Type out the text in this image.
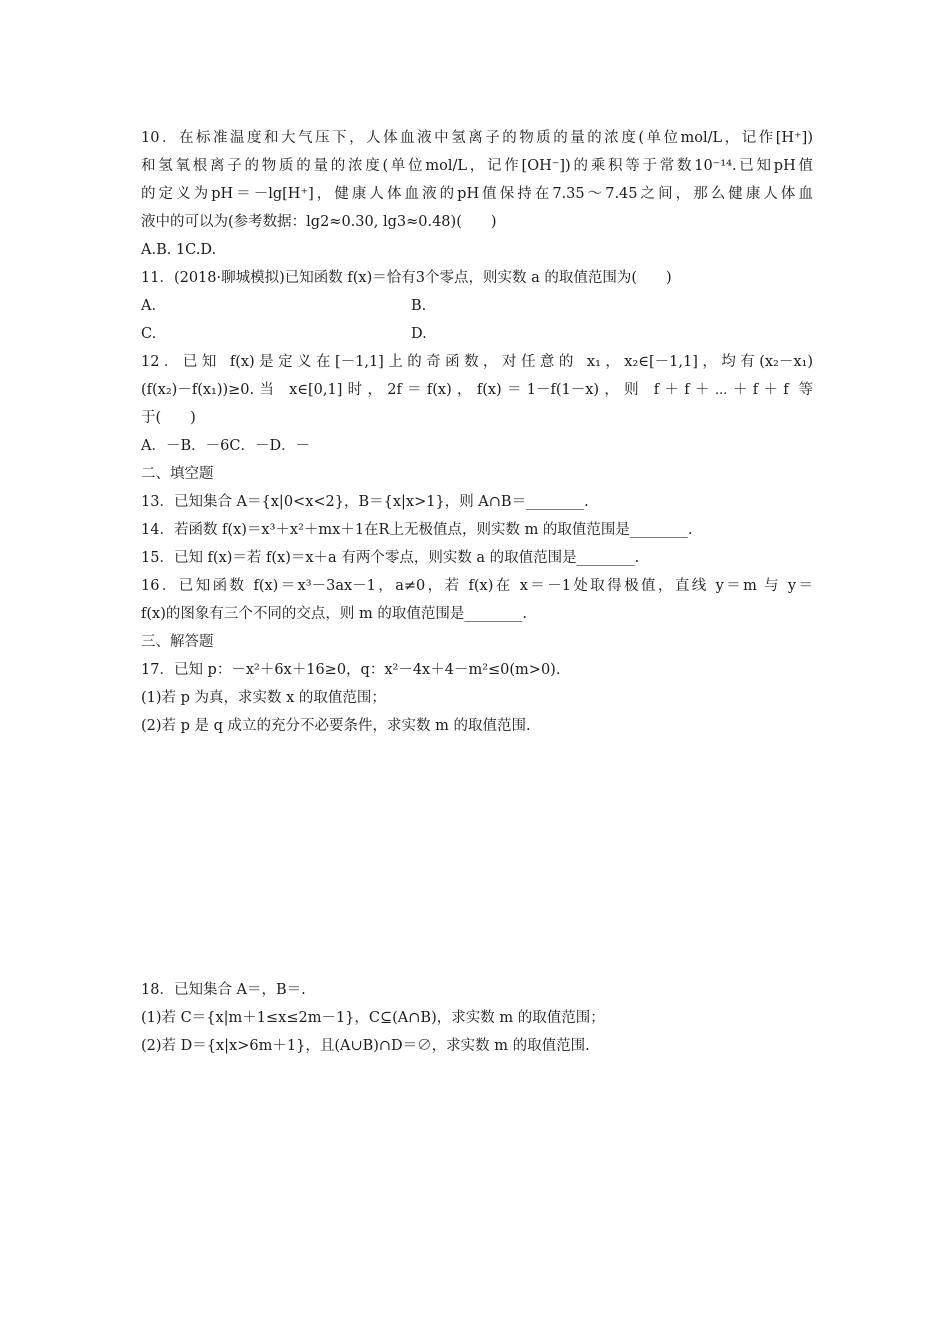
10．在标准温度和大气压下，人体血液中氢离子的物质的量的浓度(单位mol/L，记作[H⁺])
和氢氧根离子的物质的量的浓度(单位mol/L，记作[OH⁻])的乘积等于常数10⁻¹⁴.已知pH值
的定义为pH＝－lg[H⁺]，健康人体血液的pH值保持在7.35～7.45之间，那么健康人体血
液中的可以为(参考数据：lg2≈0.30, lg3≈0.48)(　　)
A.B. 1C.D.
11．(2018·聊城模拟)已知函数 f(x)＝恰有3个零点，则实数 a 的取值范围为(　　)
A.	B.
C.	D.
12．已知 f(x)是定义在[－1,1]上的奇函数，对任意的 x₁，x₂∈[－1,1]，均有(x₂－x₁)
(f(x₂)－f(x₁))≥0.当 x∈[0,1]时，2f＝f(x)，f(x)＝1－f(1－x)，则 f＋f＋⋯＋f＋f 等
于(　　)
A．－B．－6C．－D．－
二、填空题
13．已知集合 A＝{x|0<x<2}，B＝{x|x>1}，则 A∩B＝________.
14．若函数 f(x)＝x³＋x²＋mx＋1在R上无极值点，则实数 m 的取值范围是________.
15．已知 f(x)＝若 f(x)＝x＋a 有两个零点，则实数 a 的取值范围是________.
16．已知函数 f(x)＝x³－3ax－1，a≠0，若 f(x)在 x＝－1处取得极值，直线 y＝m 与 y＝
f(x)的图象有三个不同的交点，则 m 的取值范围是________.
三、解答题
17．已知 p：－x²＋6x＋16≥0，q：x²－4x＋4－m²≤0(m>0).
(1)若 p 为真，求实数 x 的取值范围；
(2)若 p 是 q 成立的充分不必要条件，求实数 m 的取值范围.
18．已知集合 A＝，B＝.
(1)若 C＝{x|m＋1≤x≤2m－1}，C⊆(A∩B)，求实数 m 的取值范围；
(2)若 D＝{x|x>6m＋1}，且(A∪B)∩D＝∅，求实数 m 的取值范围.
